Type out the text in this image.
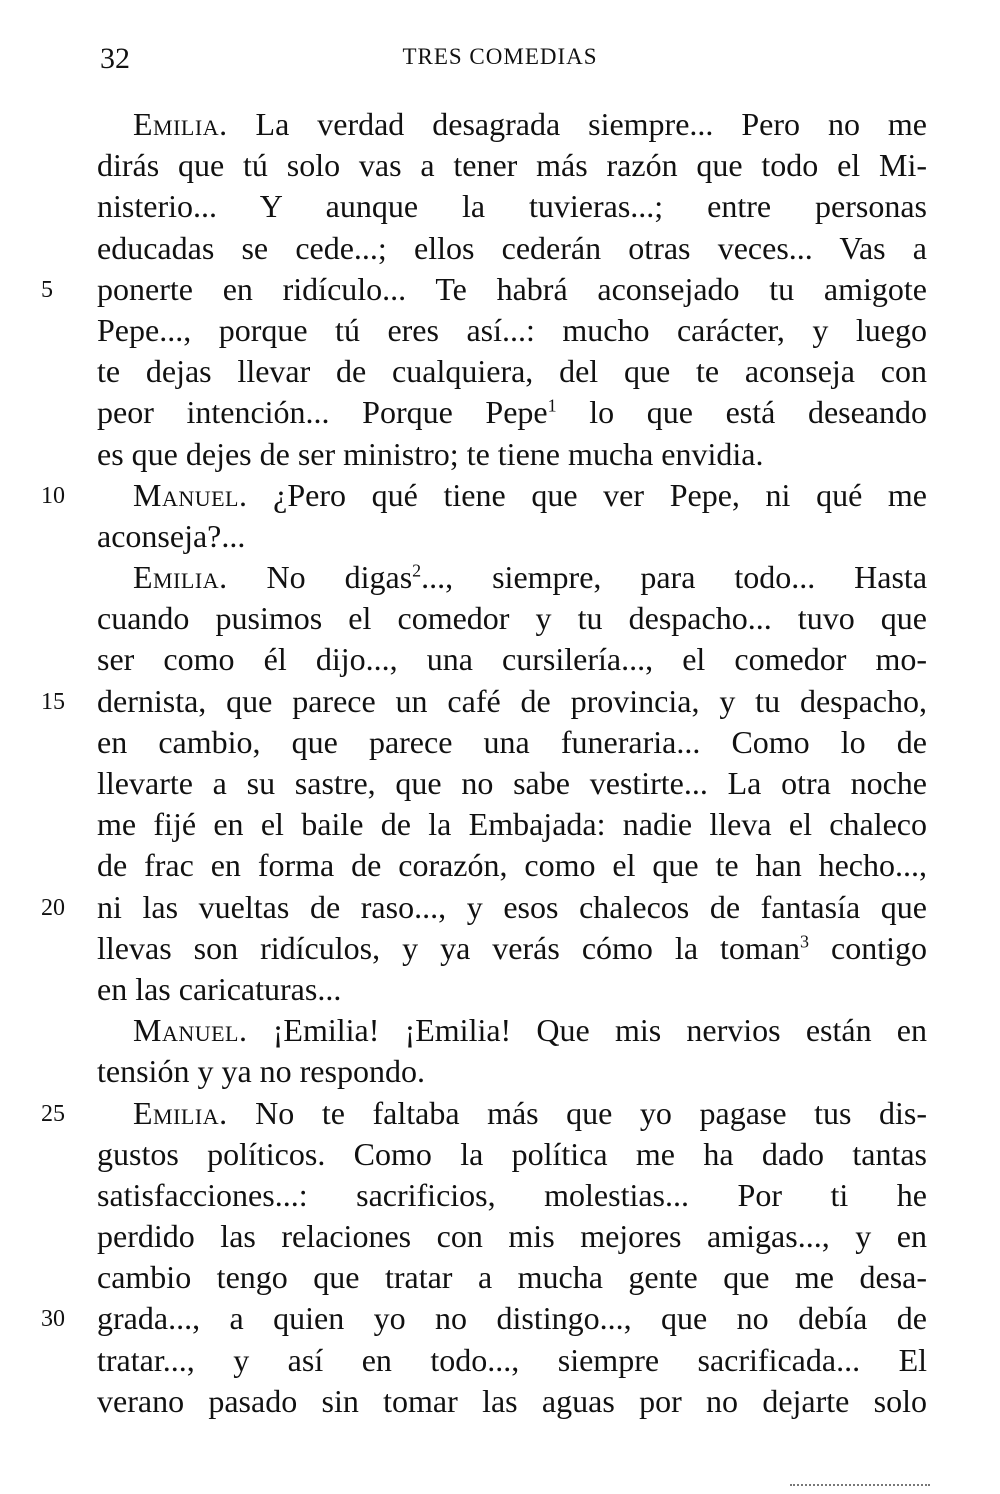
32	TRES COMEDIAS
Emilia. La verdad desagrada siempre... Pero no me
dirás que tú solo vas a tener más razón que todo el Mi-
nisterio... Y aunque la tuvieras...; entre personas
educadas se cede...; ellos cederán otras veces... Vas a
5	ponerte en ridículo... Te habrá aconsejado tu amigote
Pepe..., porque tú eres así...: mucho carácter, y luego
te dejas llevar de cualquiera, del que te aconseja con
peor intención... Porque Pepe$^1$ lo que está deseando
es que dejes de ser ministro; te tiene mucha envidia.
10	Manuel. ¿Pero qué tiene que ver Pepe, ni qué me
aconseja?...
Emilia. No digas$^2$..., siempre, para todo... Hasta
cuando pusimos el comedor y tu despacho... tuvo que
ser como él dijo..., una cursilería..., el comedor mo-
15	dernista, que parece un café de provincia, y tu despacho,
en cambio, que parece una funeraria... Como lo de
llevarte a su sastre, que no sabe vestirte... La otra noche
me fijé en el baile de la Embajada: nadie lleva el chaleco
de frac en forma de corazón, como el que te han hecho...,
20	ni las vueltas de raso..., y esos chalecos de fantasía que
llevas son ridículos, y ya verás cómo la toman$^3$ contigo
en las caricaturas...
Manuel. ¡Emilia! ¡Emilia! Que mis nervios están en
tensión y ya no respondo.
25	Emilia. No te faltaba más que yo pagase tus dis-
gustos políticos. Como la política me ha dado tantas
satisfacciones...: sacrificios, molestias... Por ti he
perdido las relaciones con mis mejores amigas..., y en
cambio tengo que tratar a mucha gente que me desa-
30	grada..., a quien yo no distingo..., que no debía de
tratar..., y así en todo..., siempre sacrificada... El
verano pasado sin tomar las aguas por no dejarte solo
